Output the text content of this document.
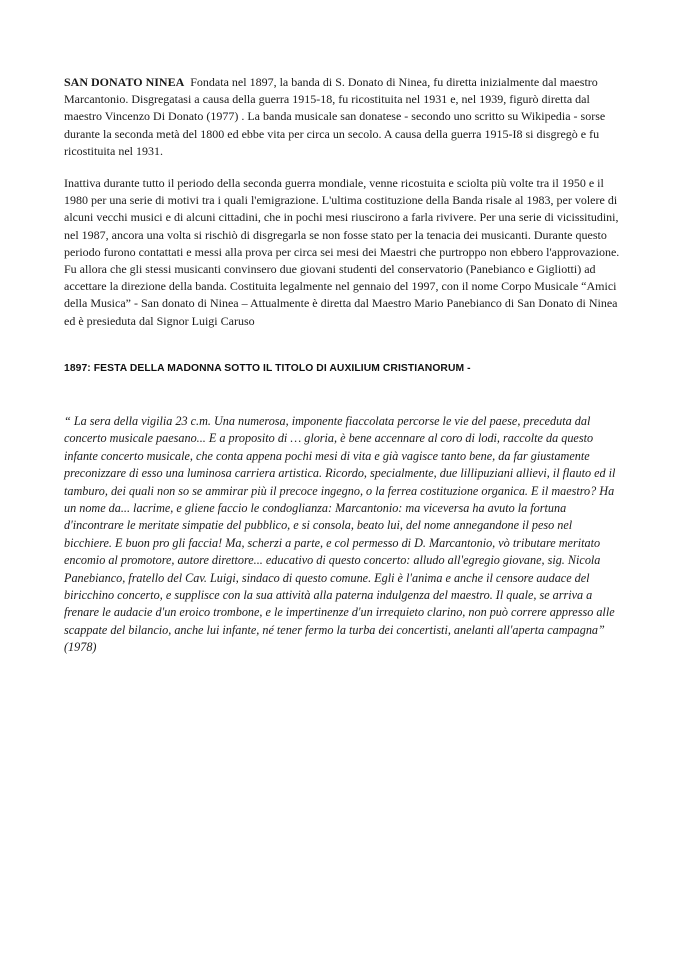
SAN DONATO NINEA Fondata nel 1897, la banda di S. Donato di Ninea, fu diretta inizialmente dal maestro Marcantonio. Disgregatasi a causa della guerra 1915-18, fu ricostituita nel 1931 e, nel 1939, figurò diretta dal maestro Vincenzo Di Donato (1977) . La banda musicale san donatese - secondo uno scritto su Wikipedia - sorse durante la seconda metà del 1800 ed ebbe vita per circa un secolo. A causa della guerra 1915-I8 si disgregò e fu ricostituita nel 1931.

Inattiva durante tutto il periodo della seconda guerra mondiale, venne ricostuita e sciolta più volte tra il 1950 e il 1980 per una serie di motivi tra i quali l'emigrazione. L'ultima costituzione della Banda risale al 1983, per volere di alcuni vecchi musici e di alcuni cittadini, che in pochi mesi riuscirono a farla rivivere. Per una serie di vicissitudini, nel 1987, ancora una volta si rischiò di disgregarla se non fosse stato per la tenacia dei musicanti. Durante questo periodo furono contattati e messi alla prova per circa sei mesi dei Maestri che purtroppo non ebbero l'approvazione. Fu allora che gli stessi musicanti convinsero due giovani studenti del conservatorio (Panebianco e Gigliotti) ad accettare la direzione della banda. Costituita legalmente nel gennaio del 1997, con il nome Corpo Musicale “Amici della Musica” - San donato di Ninea – Attualmente è diretta dal Maestro Mario Panebianco di San Donato di Ninea ed è presieduta dal Signor Luigi Caruso

1897: FESTA DELLA MADONNA SOTTO IL TITOLO DI AUXILIUM CRISTIANORUM -

“ La sera della vigilia 23 c.m. Una numerosa, imponente fiaccolata percorse le vie del paese, preceduta dal concerto musicale paesano... E a proposito di … gloria, è bene accennare al coro di lodi, raccolte da questo infante concerto musicale, che conta appena pochi mesi di vita e già vagisce tanto bene, da far giustamente preconizzare di esso una luminosa carriera artistica. Ricordo, specialmente, due lillipuziani allievi, il flauto ed il tamburo, dei quali non so se ammirar più il precoce ingegno, o la ferrea costituzione organica. E il maestro? Ha un nome da... lacrime, e gliene faccio le condoglianza: Marcantonio: ma viceversa ha avuto la fortuna d'incontrare le meritate simpatie del pubblico, e si consola, beato lui, del nome annegandone il peso nel bicchiere. E buon pro gli faccia! Ma, scherzi a parte, e col permesso di D. Marcantonio, vò tributare meritato encomio al promotore, autore direttore... educativo di questo concerto: alludo all'egregio giovane, sig. Nicola Panebianco, fratello del Cav. Luigi, sindaco di questo comune. Egli è l'anima e anche il censore audace del biricchino concerto, e supplisce con la sua attività alla paterna indulgenza del maestro. Il quale, se arriva a frenare le audacie d'un eroico trombone, e le impertinenze d'un irrequieto clarino, non può correre appresso alle scappate del bilancio, anche lui infante, né tener fermo la turba dei concertisti, anelanti all'aperta campagna” (1978)
